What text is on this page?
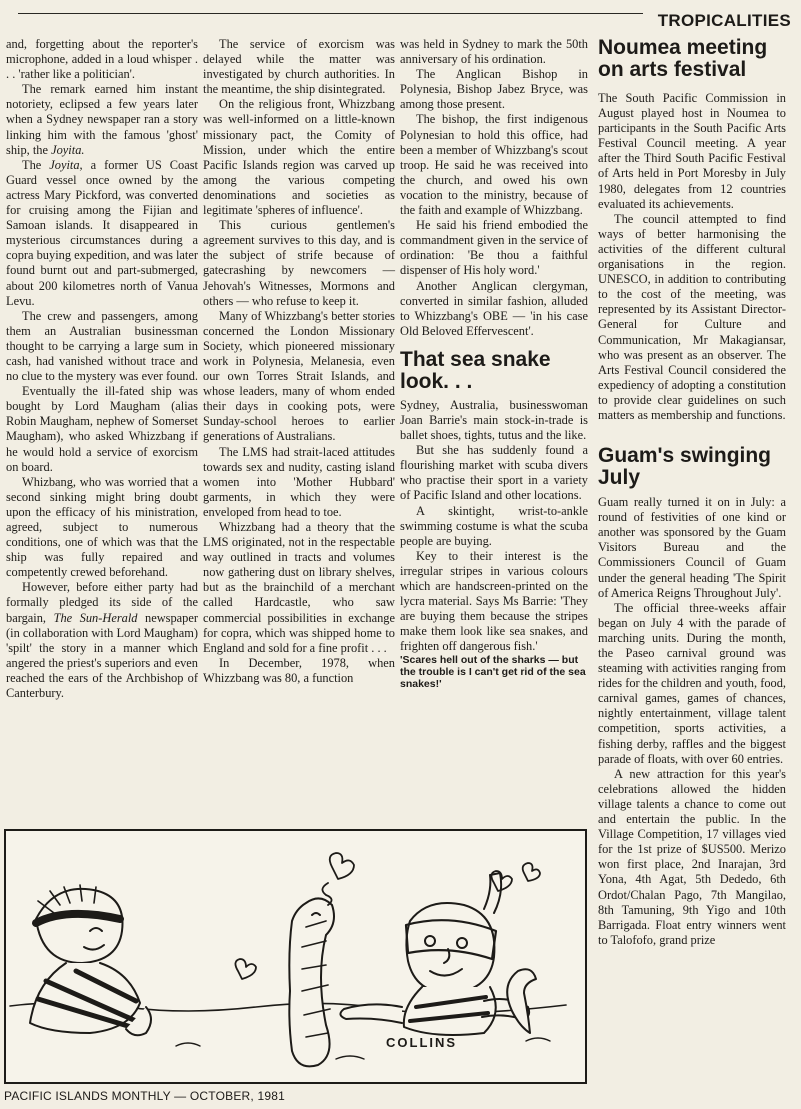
TROPICALITIES

and, forgetting about the reporter's microphone, added in a loud whisper . . . 'rather like a politician'.

The remark earned him instant notoriety, eclipsed a few years later when a Sydney newspaper ran a story linking him with the famous 'ghost' ship, the Joyita.

The Joyita, a former US Coast Guard vessel once owned by the actress Mary Pickford, was converted for cruising among the Fijian and Samoan islands. It disappeared in mysterious circumstances during a copra buying expedition, and was later found burnt out and part-submerged, about 200 kilometres north of Vanua Levu.

The crew and passengers, among them an Australian businessman thought to be carrying a large sum in cash, had vanished without trace and no clue to the mystery was ever found.

Eventually the ill-fated ship was bought by Lord Maugham (alias Robin Maugham, nephew of Somerset Maugham), who asked Whizzbang if he would hold a service of exorcism on board.

Whizbang, who was worried that a second sinking might bring doubt upon the efficacy of his ministration, agreed, subject to numerous conditions, one of which was that the ship was fully repaired and competently crewed beforehand.

However, before either party had formally pledged its side of the bargain, The Sun-Herald newspaper (in collaboration with Lord Maugham) 'spilt' the story in a manner which angered the priest's superiors and even reached the ears of the Archbishop of Canterbury.

The service of exorcism was delayed while the matter was investigated by church authorities. In the meantime, the ship disintegrated.

On the religious front, Whizzbang was well-informed on a little-known missionary pact, the Comity of Mission, under which the entire Pacific Islands region was carved up among the various competing denominations and societies as legitimate 'spheres of influence'.

This curious gentlemen's agreement survives to this day, and is the subject of strife because of gatecrashing by newcomers — Jehovah's Witnesses, Mormons and others — who refuse to keep it.

Many of Whizzbang's better stories concerned the London Missionary Society, which pioneered missionary work in Polynesia, Melanesia, even our own Torres Strait Islands, and whose leaders, many of whom ended their days in cooking pots, were Sunday-school heroes to earlier generations of Australians.

The LMS had strait-laced attitudes towards sex and nudity, casting island women into 'Mother Hubbard' garments, in which they were enveloped from head to toe.

Whizzbang had a theory that the LMS originated, not in the respectable way outlined in tracts and volumes now gathering dust on library shelves, but as the brainchild of a merchant called Hardcastle, who saw commercial possibilities in exchange for copra, which was shipped home to England and sold for a fine profit . . .

In December, 1978, when Whizzbang was 80, a function

was held in Sydney to mark the 50th anniversary of his ordination.

The Anglican Bishop in Polynesia, Bishop Jabez Bryce, was among those present.

The bishop, the first indigenous Polynesian to hold this office, had been a member of Whizzbang's scout troop. He said he was received into the church, and owed his own vocation to the ministry, because of the faith and example of Whizzbang.

He said his friend embodied the commandment given in the service of ordination: 'Be thou a faithful dispenser of His holy word.'

Another Anglican clergyman, converted in similar fashion, alluded to Whizzbang's OBE — 'in his case Old Beloved Effervescent'.

That sea snake look. . .

Sydney, Australia, businesswoman Joan Barrie's main stock-in-trade is ballet shoes, tights, tutus and the like.

But she has suddenly found a flourishing market with scuba divers who practise their sport in a variety of Pacific Island and other locations.

A skintight, wrist-to-ankle swimming costume is what the scuba people are buying.

Key to their interest is the irregular stripes in various colours which are handscreen-printed on the lycra material. Says Ms Barrie: 'They are buying them because the stripes make them look like sea snakes, and frighten off dangerous fish.'

'Scares hell out of the sharks — but the trouble is I can't get rid of the sea snakes!'

Noumea meeting on arts festival

The South Pacific Commission in August played host in Noumea to participants in the South Pacific Arts Festival Council meeting. A year after the Third South Pacific Festival of Arts held in Port Moresby in July 1980, delegates from 12 countries evaluated its achievements.

The council attempted to find ways of better harmonising the activities of the different cultural organisations in the region. UNESCO, in addition to contributing to the cost of the meeting, was represented by its Assistant Director-General for Culture and Communication, Mr Makagiansar, who was present as an observer. The Arts Festival Council considered the expediency of adopting a constitution to provide clear guidelines on such matters as membership and functions.

Guam's swinging July

Guam really turned it on in July: a round of festivities of one kind or another was sponsored by the Guam Visitors Bureau and the Commissioners Council of Guam under the general heading 'The Spirit of America Reigns Throughout July'.

The official three-weeks affair began on July 4 with the parade of marching units. During the month, the Paseo carnival ground was steaming with activities ranging from rides for the children and youth, food, carnival games, games of chances, nightly entertainment, village talent competition, sports activities, a fishing derby, raffles and the biggest parade of floats, with over 60 entries.

A new attraction for this year's celebrations allowed the hidden village talents a chance to come out and entertain the public. In the Village Competition, 17 villages vied for the 1st prize of $US500. Merizo won first place, 2nd Inarajan, 3rd Yona, 4th Agat, 5th Dededo, 6th Ordot/Chalan Pago, 7th Mangilao, 8th Tamuning, 9th Yigo and 10th Barrigada. Float entry winners went to Talofofo, grand prize

COLLINS
PACIFIC ISLANDS MONTHLY — OCTOBER, 1981
